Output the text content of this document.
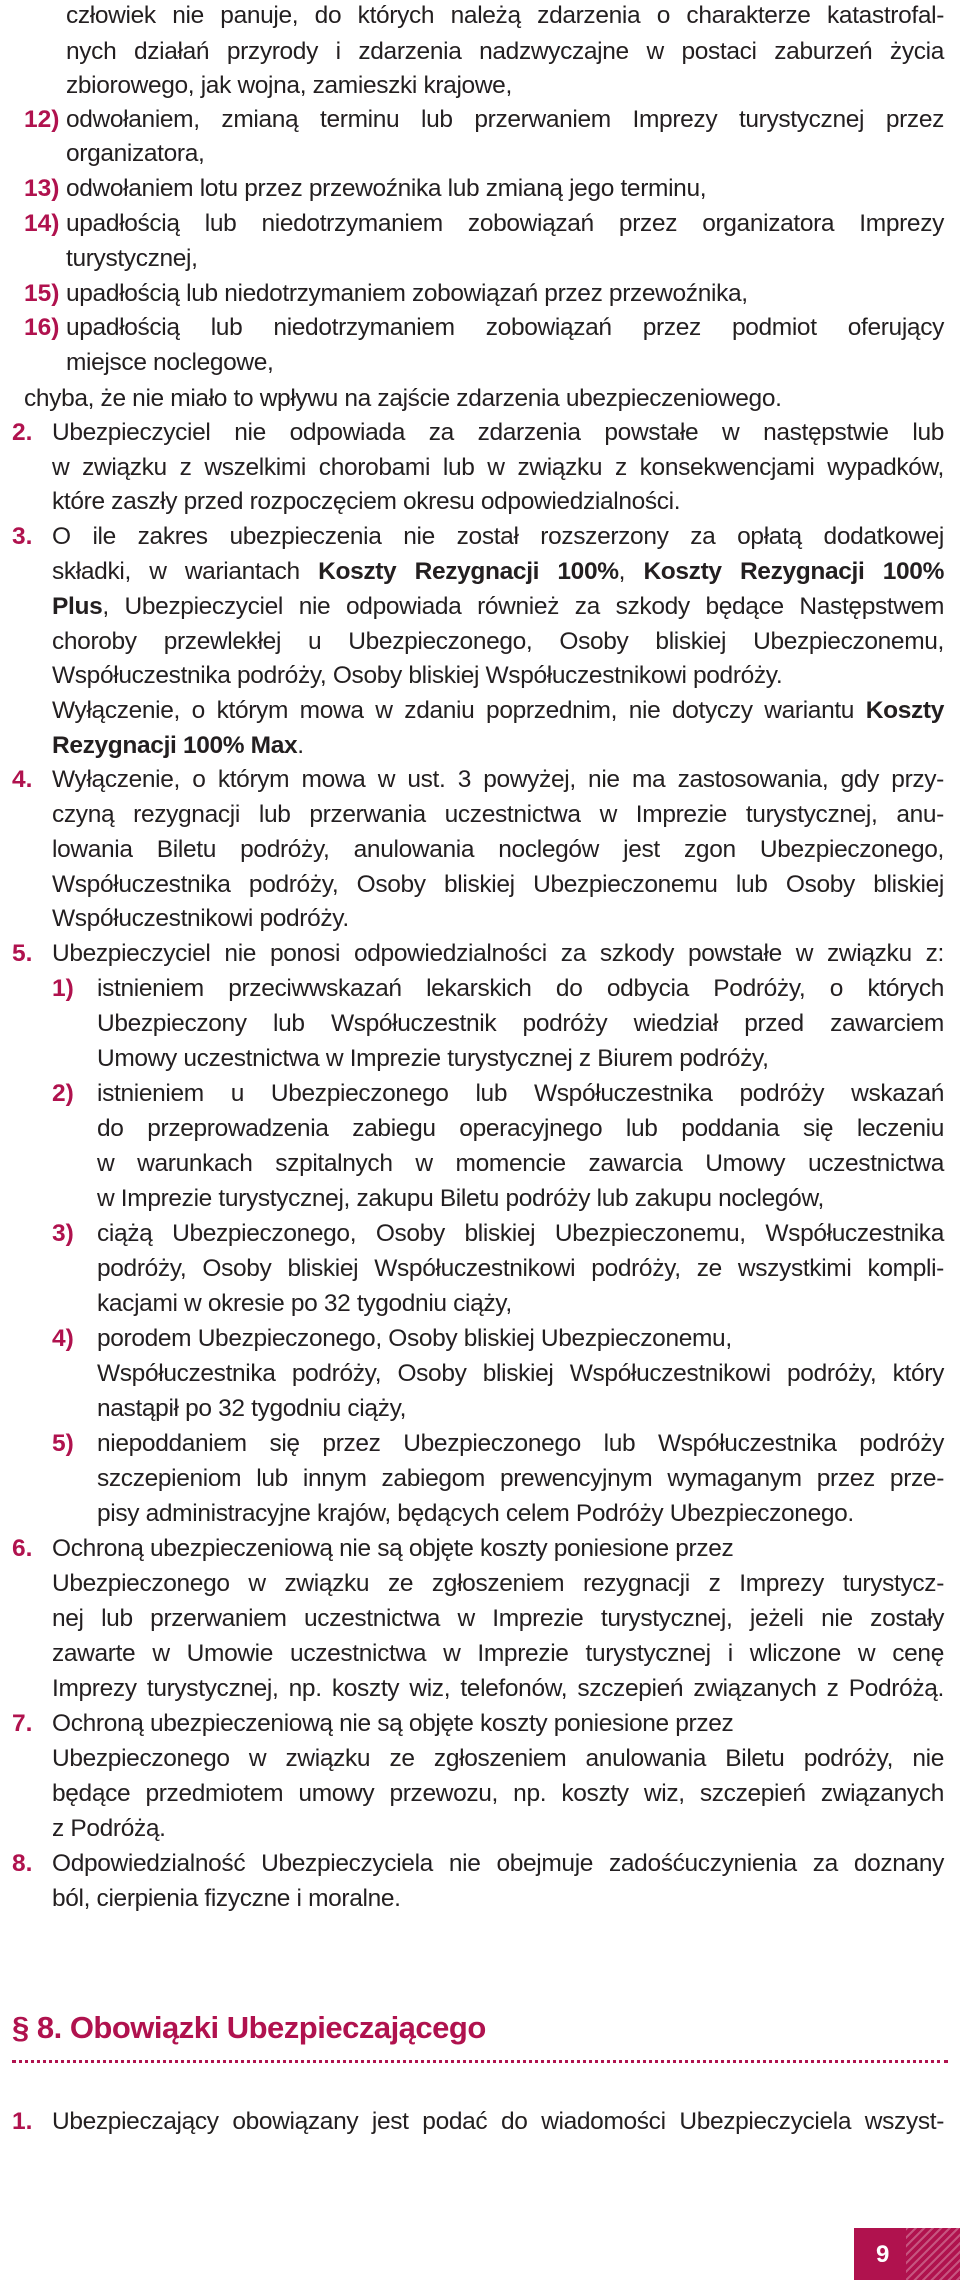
człowiek nie panuje, do których należą zdarzenia o charakterze katastrofal-
nych działań przyrody i zdarzenia nadzwyczajne w postaci zaburzeń życia
zbiorowego, jak wojna, zamieszki krajowe,
12) odwołaniem, zmianą terminu lub przerwaniem Imprezy turystycznej przez
organizatora,
13) odwołaniem lotu przez przewoźnika lub zmianą jego terminu,
14) upadłością lub niedotrzymaniem zobowiązań przez organizatora Imprezy
turystycznej,
15) upadłością lub niedotrzymaniem zobowiązań przez przewoźnika,
16) upadłością lub niedotrzymaniem zobowiązań przez podmiot oferujący
miejsce noclegowe,
chyba, że nie miało to wpływu na zajście zdarzenia ubezpieczeniowego.
2. Ubezpieczyciel nie odpowiada za zdarzenia powstałe w następstwie lub
w związku z wszelkimi chorobami lub w związku z konsekwencjami wypadków,
które zaszły przed rozpoczęciem okresu odpowiedzialności.
3. O ile zakres ubezpieczenia nie został rozszerzony za opłatą dodatkowej
składki, w wariantach Koszty Rezygnacji 100%, Koszty Rezygnacji 100%
Plus, Ubezpieczyciel nie odpowiada również za szkody będące Następstwem
choroby przewlekłej u Ubezpieczonego, Osoby bliskiej Ubezpieczonemu,
Współuczestnika podróży, Osoby bliskiej Współuczestnikowi podróży.
Wyłączenie, o którym mowa w zdaniu poprzednim, nie dotyczy wariantu Koszty
Rezygnacji 100% Max.
4. Wyłączenie, o którym mowa w ust. 3 powyżej, nie ma zastosowania, gdy przy-
czyną rezygnacji lub przerwania uczestnictwa w Imprezie turystycznej, anu-
lowania Biletu podróży, anulowania noclegów jest zgon Ubezpieczonego,
Współuczestnika podróży, Osoby bliskiej Ubezpieczonemu lub Osoby bliskiej
Współuczestnikowi podróży.
5. Ubezpieczyciel nie ponosi odpowiedzialności za szkody powstałe w związku z:
1) istnieniem przeciwwskazań lekarskich do odbycia Podróży, o których
Ubezpieczony lub Współuczestnik podróży wiedział przed zawarciem
Umowy uczestnictwa w Imprezie turystycznej z Biurem podróży,
2) istnieniem u Ubezpieczonego lub Współuczestnika podróży wskazań
do przeprowadzenia zabiegu operacyjnego lub poddania się leczeniu
w warunkach szpitalnych w momencie zawarcia Umowy uczestnictwa
w Imprezie turystycznej, zakupu Biletu podróży lub zakupu noclegów,
3) ciążą Ubezpieczonego, Osoby bliskiej Ubezpieczonemu, Współuczestnika
podróży, Osoby bliskiej Współuczestnikowi podróży, ze wszystkimi kompli-
kacjami w okresie po 32 tygodniu ciąży,
4) porodem Ubezpieczonego, Osoby bliskiej Ubezpieczonemu,
Współuczestnika podróży, Osoby bliskiej Współuczestnikowi podróży, który
nastąpił po 32 tygodniu ciąży,
5) niepoddaniem się przez Ubezpieczonego lub Współuczestnika podróży
szczepieniom lub innym zabiegom prewencyjnym wymaganym przez prze-
pisy administracyjne krajów, będących celem Podróży Ubezpieczonego.
6. Ochroną ubezpieczeniową nie są objęte koszty poniesione przez
Ubezpieczonego w związku ze zgłoszeniem rezygnacji z Imprezy turystycz-
nej lub przerwaniem uczestnictwa w Imprezie turystycznej, jeżeli nie zostały
zawarte w Umowie uczestnictwa w Imprezie turystycznej i wliczone w cenę
Imprezy turystycznej, np. koszty wiz, telefonów, szczepień związanych z Podróżą.
7. Ochroną ubezpieczeniową nie są objęte koszty poniesione przez
Ubezpieczonego w związku ze zgłoszeniem anulowania Biletu podróży, nie
będące przedmiotem umowy przewozu, np. koszty wiz, szczepień związanych
z Podróżą.
8. Odpowiedzialność Ubezpieczyciela nie obejmuje zadośćuczynienia za doznany
ból, cierpienia fizyczne i moralne.
1. Ubezpieczający obowiązany jest podać do wiadomości Ubezpieczyciela wszyst-
§ 8. Obowiązki Ubezpieczającego
9
